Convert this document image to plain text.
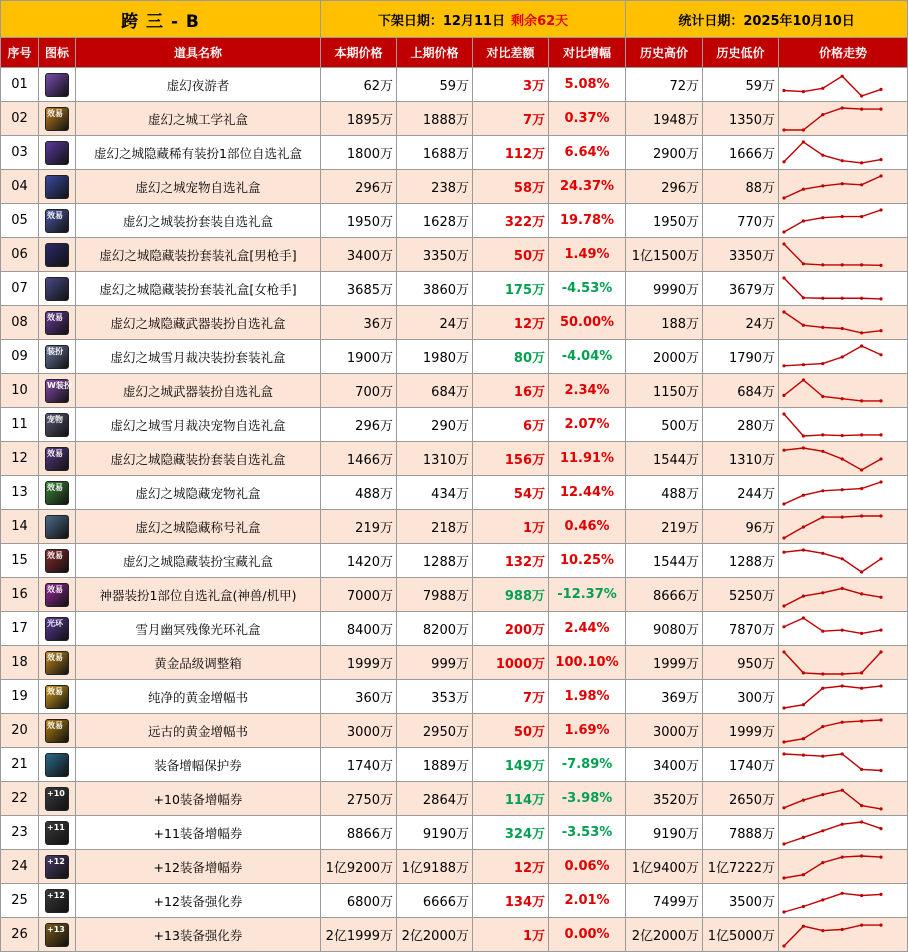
跨 三 - B			下架日期：12月11日 剩余62天				统计日期：2025年10月10日		
序号	图标	道具名称	本期价格	上期价格	对比差额	对比增幅	历史高价	历史低价	价格走势
01		虚幻夜游者	62万	59万	3万	5.08%	72万	59万	

02	效易	虚幻之城工学礼盒	1895万	1888万	7万	0.37%	1948万	1350万	

03		虚幻之城隐藏稀有装扮1部位自选礼盒	1800万	1688万	112万	6.64%	2900万	1666万	

04		虚幻之城宠物自选礼盒	296万	238万	58万	24.37%	296万	88万	

05	效易	虚幻之城装扮套装自选礼盒	1950万	1628万	322万	19.78%	1950万	770万	

06		虚幻之城隐藏装扮套装礼盒[男枪手]	3400万	3350万	50万	1.49%	1亿1500万	3350万	

07		虚幻之城隐藏装扮套装礼盒[女枪手]	3685万	3860万	175万	-4.53%	9990万	3679万	

08	效易	虚幻之城隐藏武器装扮自选礼盒	36万	24万	12万	50.00%	188万	24万	

09	装扮	虚幻之城雪月裁决装扮套装礼盒	1900万	1980万	80万	-4.04%	2000万	1790万	

10	W装扮	虚幻之城武器装扮自选礼盒	700万	684万	16万	2.34%	1150万	684万	

11	宠物	虚幻之城雪月裁决宠物自选礼盒	296万	290万	6万	2.07%	500万	280万	

12	效易	虚幻之城隐藏装扮套装自选礼盒	1466万	1310万	156万	11.91%	1544万	1310万	

13	效易	虚幻之城隐藏宠物礼盒	488万	434万	54万	12.44%	488万	244万	

14		虚幻之城隐藏称号礼盒	219万	218万	1万	0.46%	219万	96万	

15	效易	虚幻之城隐藏装扮宝藏礼盒	1420万	1288万	132万	10.25%	1544万	1288万	

16	效易	神器装扮1部位自选礼盒(神兽/机甲)	7000万	7988万	988万	-12.37%	8666万	5250万	

17	光环	雪月幽冥残像光环礼盒	8400万	8200万	200万	2.44%	9080万	7870万	

18	效易	黄金品级调整箱	1999万	999万	1000万	100.10%	1999万	950万	

19	效易	纯净的黄金增幅书	360万	353万	7万	1.98%	369万	300万	

20	效易	远古的黄金增幅书	3000万	2950万	50万	1.69%	3000万	1999万	

21		装备增幅保护券	1740万	1889万	149万	-7.89%	3400万	1740万	

22	+10	+10装备增幅券	2750万	2864万	114万	-3.98%	3520万	2650万	

23	+11	+11装备增幅券	8866万	9190万	324万	-3.53%	9190万	7888万	

24	+12	+12装备增幅券	1亿9200万	1亿9188万	12万	0.06%	1亿9400万	1亿7222万	

25	+12	+12装备强化券	6800万	6666万	134万	2.01%	7499万	3500万	

26	+13	+13装备强化券	2亿1999万	2亿2000万	1万	0.00%	2亿2000万	1亿5000万	
